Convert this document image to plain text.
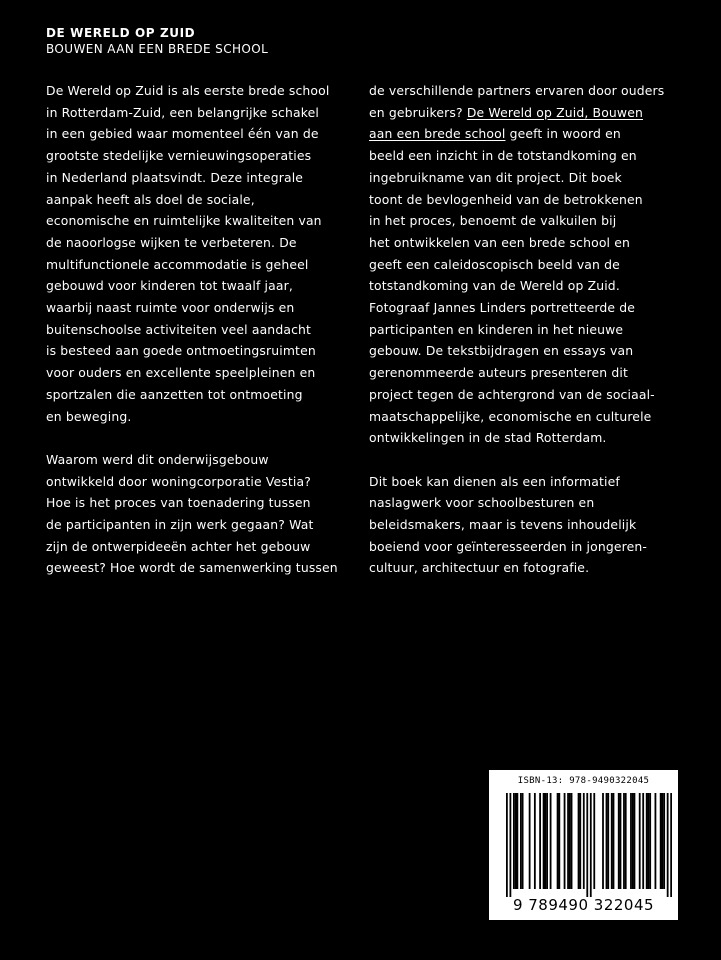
DE WERELD OP ZUID
BOUWEN AAN EEN BREDE SCHOOL
De Wereld op Zuid is als eerste brede school
in Rotterdam-Zuid, een belangrijke schakel
in een gebied waar momenteel één van de
grootste stedelijke vernieuwingsoperaties
in Nederland plaatsvindt. Deze integrale
aanpak heeft als doel de sociale,
economische en ruimtelijke kwaliteiten van
de naoorlogse wijken te verbeteren. De
multifunctionele accommodatie is geheel
gebouwd voor kinderen tot twaalf jaar,
waarbij naast ruimte voor onderwijs en
buitenschoolse activiteiten veel aandacht
is besteed aan goede ontmoetingsruimten
voor ouders en excellente speelpleinen en
sportzalen die aanzetten tot ontmoeting
en beweging.
Waarom werd dit onderwijsgebouw
ontwikkeld door woningcorporatie Vestia?
Hoe is het proces van toenadering tussen
de participanten in zijn werk gegaan? Wat
zijn de ontwerpideeën achter het gebouw
geweest? Hoe wordt de samenwerking tussen
de verschillende partners ervaren door ouders
en gebruikers? De Wereld op Zuid, Bouwen
aan een brede school geeft in woord en
beeld een inzicht in de totstandkoming en
ingebruikname van dit project. Dit boek
toont de bevlogenheid van de betrokkenen
in het proces, benoemt de valkuilen bij
het ontwikkelen van een brede school en
geeft een caleidoscopisch beeld van de
totstandkoming van de Wereld op Zuid.
Fotograaf Jannes Linders portretteerde de
participanten en kinderen in het nieuwe
gebouw. De tekstbijdragen en essays van
gerenommeerde auteurs presenteren dit
project tegen de achtergrond van de sociaal-
maatschappelijke, economische en culturele
ontwikkelingen in de stad Rotterdam.
Dit boek kan dienen als een informatief
naslagwerk voor schoolbesturen en
beleidsmakers, maar is tevens inhoudelijk
boeiend voor geïnteresseerden in jongeren-
cultuur, architectuur en fotografie.
ISBN-13: 978-9490322045
9 789490 322045
